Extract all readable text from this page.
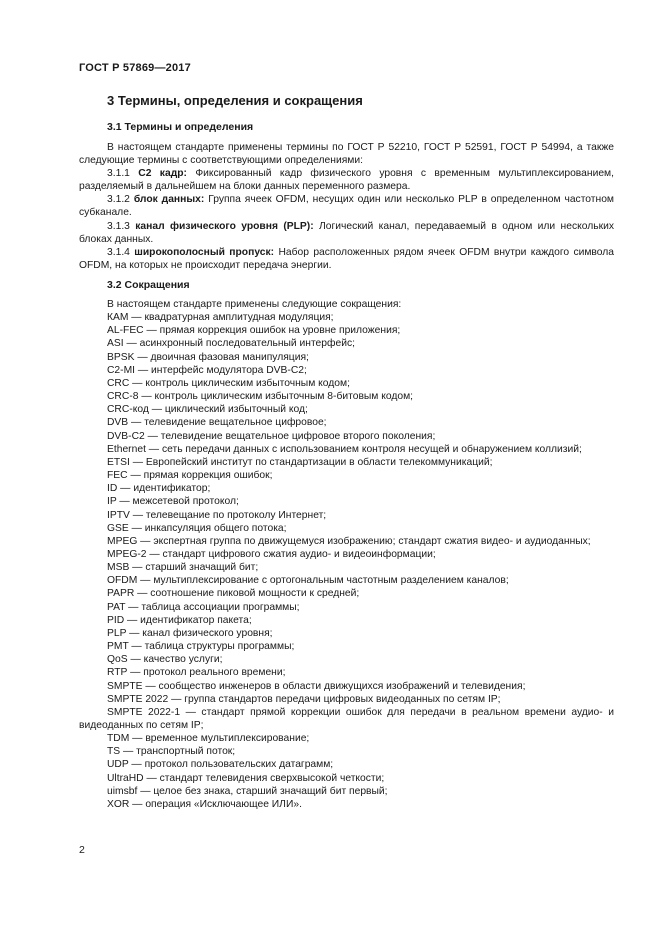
ГОСТ Р 57869—2017
3 Термины, определения и сокращения
3.1 Термины и определения

В настоящем стандарте применены термины по ГОСТ Р 52210, ГОСТ Р 52591, ГОСТ Р 54994, а также следующие термины с соответствующими определениями:

3.1.1 C2 кадр: Фиксированный кадр физического уровня с временным мультиплексированием, разделяемый в дальнейшем на блоки данных переменного размера.

3.1.2 блок данных: Группа ячеек OFDM, несущих один или несколько PLP в определенном частотном субканале.

3.1.3 канал физического уровня (PLP): Логический канал, передаваемый в одном или нескольких блоках данных.

3.1.4 широкополосный пропуск: Набор расположенных рядом ячеек OFDM внутри каждого символа OFDM, на которых не происходит передача энергии.

3.2 Сокращения

В настоящем стандарте применены следующие сокращения:

КАМ — квадратурная амплитудная модуляция;

AL-FEC — прямая коррекция ошибок на уровне приложения;

ASI — асинхронный последовательный интерфейс;

BPSK — двоичная фазовая манипуляция;

C2-MI — интерфейс модулятора DVB-C2;

CRC — контроль циклическим избыточным кодом;

CRC-8 — контроль циклическим избыточным 8-битовым кодом;

CRC-код — циклический избыточный код;

DVB — телевидение вещательное цифровое;

DVB-C2 — телевидение вещательное цифровое второго поколения;

Ethernet — сеть передачи данных с использованием контроля несущей и обнаружением коллизий;

ETSI — Европейский институт по стандартизации в области телекоммуникаций;

FEC — прямая коррекция ошибок;

ID — идентификатор;

IP — межсетевой протокол;

IPTV — телевещание по протоколу Интернет;

GSE — инкапсуляция общего потока;

MPEG — экспертная группа по движущемуся изображению; стандарт сжатия видео- и аудиоданных;

MPEG-2 — стандарт цифрового сжатия аудио- и видеоинформации;

MSB — старший значащий бит;

OFDM — мультиплексирование с ортогональным частотным разделением каналов;

PAPR — соотношение пиковой мощности к средней;

PAT — таблица ассоциации программы;

PID — идентификатор пакета;

PLP — канал физического уровня;

PMT — таблица структуры программы;

QoS — качество услуги;

RTP — протокол реального времени;

SMPTE — сообщество инженеров в области движущихся изображений и телевидения;

SMPTE 2022 — группа стандартов передачи цифровых видеоданных по сетям IP;

SMPTE 2022-1 — стандарт прямой коррекции ошибок для передачи в реальном времени аудио- и видеоданных по сетям IP;

TDM — временное мультиплексирование;

TS — транспортный поток;

UDP — протокол пользовательских датаграмм;

UltraHD — стандарт телевидения сверхвысокой четкости;

uimsbf — целое без знака, старший значащий бит первый;

XOR — операция «Исключающее ИЛИ».

2
